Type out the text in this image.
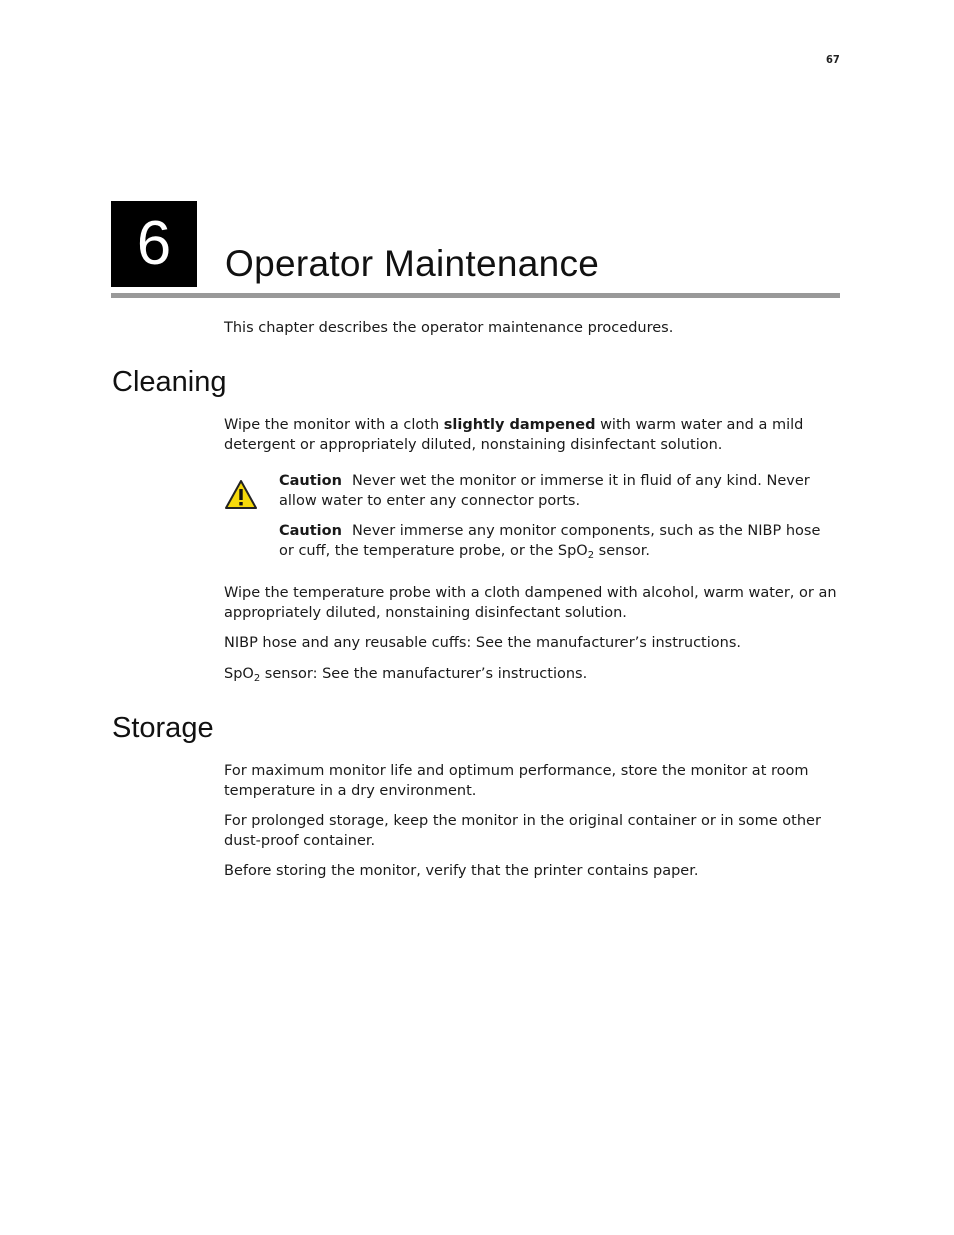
67
6	Operator Maintenance
This chapter describes the operator maintenance procedures.
Cleaning
Wipe the monitor with a cloth slightly dampened with warm water and a mild detergent or appropriately diluted, nonstaining disinfectant solution.
Caution Never wet the monitor or immerse it in fluid of any kind. Never allow water to enter any connector ports.
Caution Never immerse any monitor components, such as the NIBP hose or cuff, the temperature probe, or the SpO$_2$ sensor.
Wipe the temperature probe with a cloth dampened with alcohol, warm water, or an appropriately diluted, nonstaining disinfectant solution.
NIBP hose and any reusable cuffs: See the manufacturer’s instructions.
SpO$_2$ sensor: See the manufacturer’s instructions.
Storage
For maximum monitor life and optimum performance, store the monitor at room temperature in a dry environment.
For prolonged storage, keep the monitor in the original container or in some other dust-proof container.
Before storing the monitor, verify that the printer contains paper.
